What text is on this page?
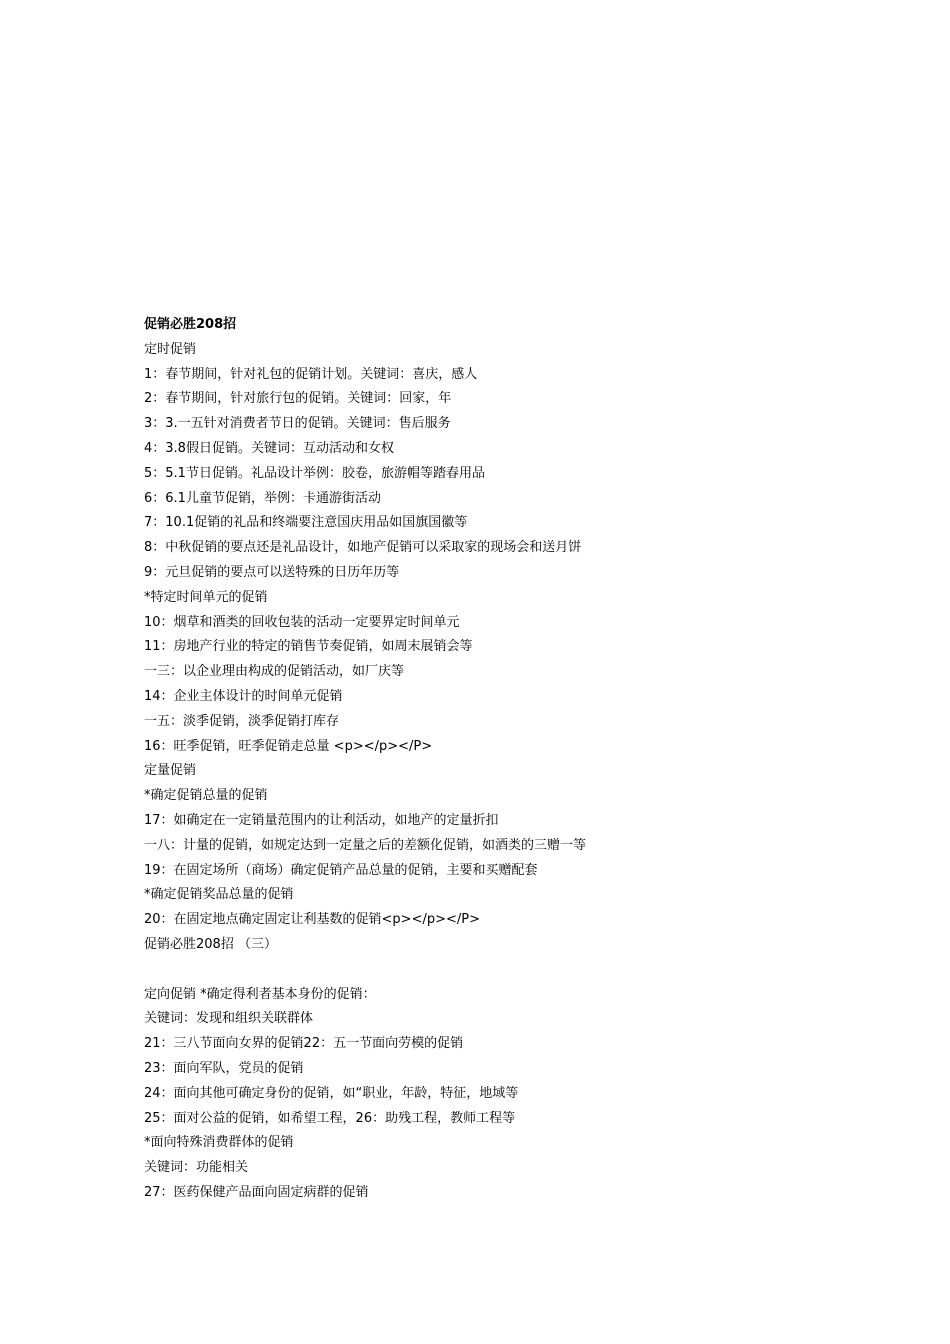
促销必胜208招
定时促销
1：春节期间，针对礼包的促销计划。关键词：喜庆，感人
2：春节期间，针对旅行包的促销。关键词：回家，年
3：3.一五针对消费者节日的促销。关键词：售后服务
4：3.8假日促销。关键词：互动活动和女权
5：5.1节日促销。礼品设计举例：胶卷，旅游帽等踏春用品
6：6.1儿童节促销，举例：卡通游街活动
7：10.1促销的礼品和终端要注意国庆用品如国旗国徽等
8：中秋促销的要点还是礼品设计，如地产促销可以采取家的现场会和送月饼
9：元旦促销的要点可以送特殊的日历年历等
*特定时间单元的促销
10：烟草和酒类的回收包装的活动一定要界定时间单元
11：房地产行业的特定的销售节奏促销，如周末展销会等
一三：以企业理由构成的促销活动，如厂庆等
14：企业主体设计的时间单元促销
一五：淡季促销，淡季促销打库存
16：旺季促销，旺季促销走总量 <p></p></P>
定量促销
*确定促销总量的促销
17：如确定在一定销量范围内的让利活动，如地产的定量折扣
一八：计量的促销，如规定达到一定量之后的差额化促销，如酒类的三赠一等
19：在固定场所（商场）确定促销产品总量的促销，主要和买赠配套
*确定促销奖品总量的促销
20：在固定地点确定固定让利基数的促销<p></p></P>
促销必胜208招 （三）
定向促销 *确定得利者基本身份的促销：
关键词：发现和组织关联群体
21：三八节面向女界的促销22：五一节面向劳模的促销
23：面向军队，党员的促销
24：面向其他可确定身份的促销，如“职业，年龄，特征，地域等
25：面对公益的促销，如希望工程，26：助残工程，教师工程等
*面向特殊消费群体的促销
关键词：功能相关
27：医药保健产品面向固定病群的促销
